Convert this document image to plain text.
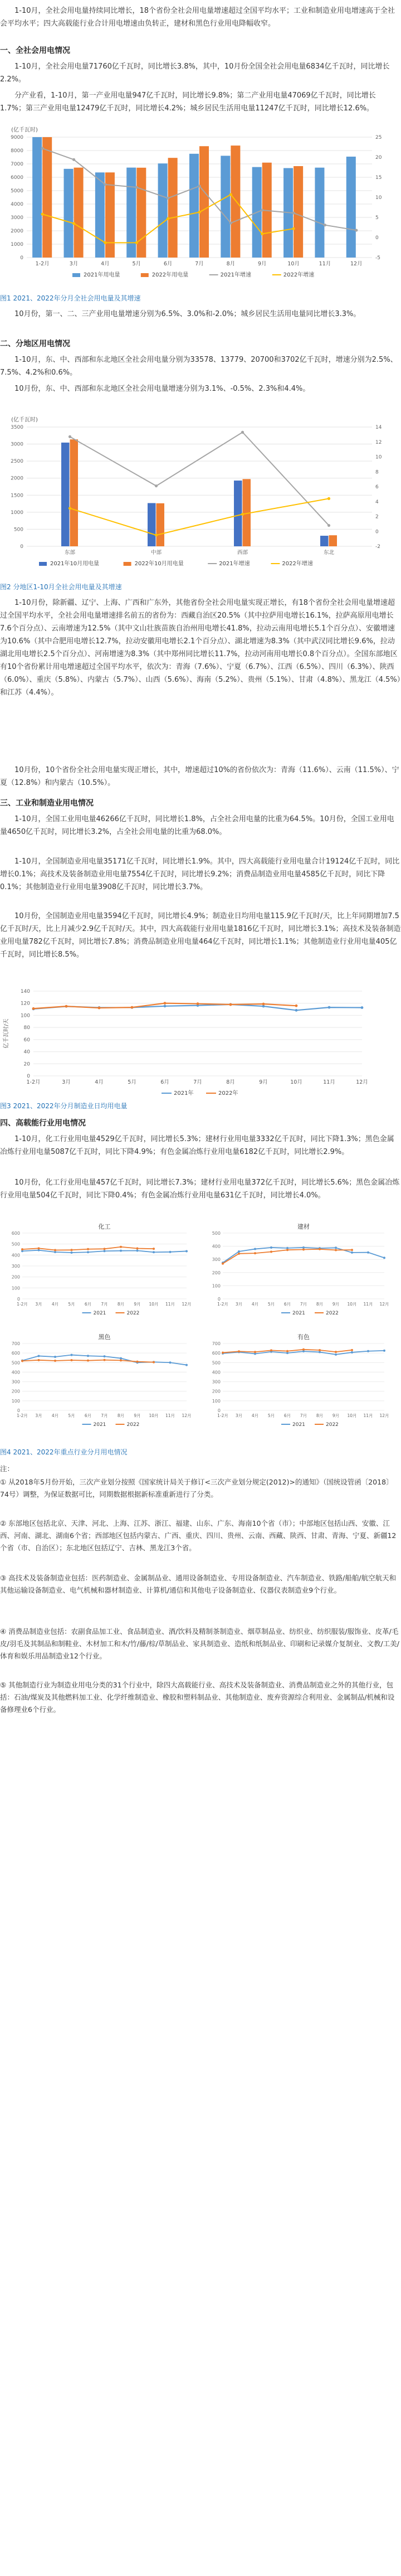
1-10月，全社会用电量持续同比增长，18个省份全社会用电量增速超过全国平均水平；工业和制造业用电增速高于全社会平均水平；四大高载能行业合计用电增速由负转正，建材和黑色行业用电降幅收窄。

一、全社会用电情况

1-10月，全社会用电量71760亿千瓦时，同比增长3.8%，其中，10月份全国全社会用电量6834亿千瓦时，同比增长2.2%。

分产业看，1-10月，第一产业用电量947亿千瓦时，同比增长9.8%；第二产业用电量47069亿千瓦时，同比增长1.7%；第三产业用电量12479亿千瓦时，同比增长4.2%；城乡居民生活用电量11247亿千瓦时，同比增长12.6%。

(亿千瓦时)
0
1000
2000
3000
4000
5000
6000
7000
8000
9000
-5
0
5
10
15
20
25
1-2月	3月	4月	5月	6月	7月	8月	9月	10月	11月	12月
2021年用电量	2022年用电量	2021年增速	2022年增速

图1 2021、2022年分月全社会用电量及其增速

10月份，第一、二、三产业用电量增速分别为6.5%、3.0%和-2.0%；城乡居民生活用电量同比增长3.3%。

二、分地区用电情况

1-10月，东、中、西部和东北地区全社会用电量分别为33578、13779、20700和3702亿千瓦时，增速分别为2.5%、7.5%、4.2%和0.6%。

10月份，东、中、西部和东北地区全社会用电量增速分别为3.1%、-0.5%、2.3%和4.4%。

(亿千瓦时)
0
500
1000
1500
2000
2500
3000
3500
-2
0
2
4
6
8
10
12
14
东部	中部	西部	东北
2021年10月用电量	2022年10月用电量	2021年增速	2022年增速

图2 分地区1-10月全社会用电量及其增速

1-10月份，除新疆、辽宁、上海、广西和广东外，其他省份全社会用电量实现正增长，有18个省份全社会用电量增速超过全国平均水平，全社会用电量增速排名前五的省份为：西藏自治区20.5%（其中拉萨用电增长16.1%，拉萨高原用电增长7.6个百分点）、云南增速为12.5%（其中文山壮族苗族自治州用电增长41.8%，拉动云南用电增长5.1个百分点）、安徽增速为10.6%（其中合肥用电增长12.7%，拉动安徽用电增长2.1个百分点）、湖北增速为8.3%（其中武汉同比增长9.6%，拉动湖北用电增长2.5个百分点）、河南增速为8.3%（其中郑州同比增长11.7%，拉动河南用电增长0.8个百分点）。全国东部地区有10个省份累计用电增速超过全国平均水平，依次为：青海（7.6%）、宁夏（6.7%）、江西（6.5%）、四川（6.3%）、陕西（6.0%）、重庆（5.8%）、内蒙古（5.7%）、山西（5.6%）、海南（5.2%）、贵州（5.1%）、甘肃（4.8%）、黑龙江（4.5%）和江苏（4.4%）。

10月份，10个省份全社会用电量实现正增长，其中，增速超过10%的省份依次为：青海（11.6%）、云南（11.5%）、宁夏（12.8%）和内蒙古（10.5%）。

三、工业和制造业用电情况

1-10月，全国工业用电量46266亿千瓦时，同比增长1.8%，占全社会用电量的比重为64.5%。10月份，全国工业用电量4650亿千瓦时，同比增长3.2%，占全社会用电量的比重为68.0%。

1-10月，全国制造业用电量35171亿千瓦时，同比增长1.9%。其中，四大高载能行业用电量合计19124亿千瓦时，同比增长0.1%；高技术及装备制造业用电量7554亿千瓦时，同比增长9.2%；消费品制造业用电量4585亿千瓦时，同比下降0.1%；其他制造业行业用电量3908亿千瓦时，同比增长3.7%。

10月份，全国制造业用电量3594亿千瓦时，同比增长4.9%；制造业日均用电量115.9亿千瓦时/天，比上年同期增加7.5亿千瓦时/天，比上月减少2.9亿千瓦时/天。其中，四大高载能行业用电量1816亿千瓦时，同比增长3.1%；高技术及装备制造业用电量782亿千瓦时，同比增长7.8%；消费品制造业用电量464亿千瓦时，同比增长1.1%；其他制造业行业用电量405亿千瓦时，同比增长8.5%。

亿千瓦时/天
0
20
40
60
80
100
120
140
1-2月	3月	4月	5月	6月	7月	8月	9月	10月	11月	12月
2021年	2022年

图3 2021、2022年分月制造业日均用电量

四、高载能行业用电情况

1-10月，化工行业用电量4529亿千瓦时，同比增长5.3%；建材行业用电量3332亿千瓦时，同比下降1.3%；黑色金属冶炼行业用电量5087亿千瓦时，同比下降4.9%；有色金属冶炼行业用电量6182亿千瓦时，同比增长2.9%。

10月份，化工行业用电量457亿千瓦时，同比增长7.3%；建材行业用电量372亿千瓦时，同比增长5.6%；黑色金属冶炼行业用电量504亿千瓦时，同比下降0.4%；有色金属冶炼行业用电量631亿千瓦时，同比增长4.0%。

化工
0
100
200
300
400
500
600
1-2月 3月 4月 5月 6月 7月 8月 9月 10月 11月 12月
2021	2022
建材
0
100
200
300
400
500
1-2月 3月 4月 5月 6月 7月 8月 9月 10月 11月 12月
2021	2022
黑色
0
100
200
300
400
500
600
700
1-2月 3月 4月 5月 6月 7月 8月 9月 10月 11月 12月
2021	2022
有色
0
100
200
300
400
500
600
700
1-2月 3月 4月 5月 6月 7月 8月 9月 10月 11月 12月
2021	2022

图4 2021、2022年重点行业分月用电情况

注：

① 从2018年5月份开始，三次产业划分按照《国家统计局关于修订<三次产业划分规定(2012)>的通知》（国统设管函〔2018〕74号）调整，为保证数据可比，同期数据根据新标准重新进行了分类。

② 东部地区包括北京、天津、河北、上海、江苏、浙江、福建、山东、广东、海南10个省（市）；中部地区包括山西、安徽、江西、河南、湖北、湖南6个省；西部地区包括内蒙古、广西、重庆、四川、贵州、云南、西藏、陕西、甘肃、青海、宁夏、新疆12个省（市、自治区）；东北地区包括辽宁、吉林、黑龙江3个省。

③ 高技术及装备制造业包括：医药制造业、金属制品业、通用设备制造业、专用设备制造业、汽车制造业、铁路/船舶/航空航天和其他运输设备制造业、电气机械和器材制造业、计算机/通信和其他电子设备制造业、仪器仪表制造业9个行业。

④ 消费品制造业包括：农副食品加工业、食品制造业、酒/饮料及精制茶制造业、烟草制品业、纺织业、纺织服装/服饰业、皮革/毛皮/羽毛及其制品和制鞋业、木材加工和木/竹/藤/棕/草制品业、家具制造业、造纸和纸制品业、印刷和记录媒介复制业、文教/工美/体育和娱乐用品制造业12个行业。

⑤ 其他制造行业为制造业用电分类的31个行业中，除四大高载能行业、高技术及装备制造业、消费品制造业之外的其他行业，包括：石油/煤炭及其他燃料加工业、化学纤维制造业、橡胶和塑料制品业、其他制造业、废弃资源综合利用业、金属制品/机械和设备修理业6个行业。
